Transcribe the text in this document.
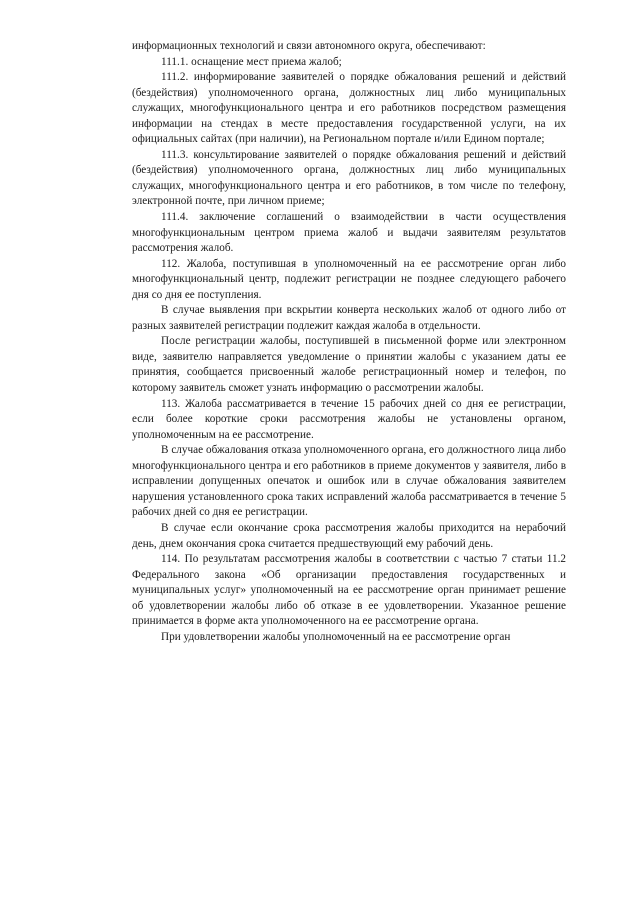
информационных технологий и связи автономного округа, обеспечивают:

111.1. оснащение мест приема жалоб;

111.2. информирование заявителей о порядке обжалования решений и действий (бездействия) уполномоченного органа, должностных лиц либо муниципальных служащих, многофункционального центра и его работников посредством размещения информации на стендах в месте предоставления государственной услуги, на их официальных сайтах (при наличии), на Региональном портале и/или Едином портале;

111.3. консультирование заявителей о порядке обжалования решений и действий (бездействия) уполномоченного органа, должностных лиц либо муниципальных служащих, многофункционального центра и его работников, в том числе по телефону, электронной почте, при личном приеме;

111.4. заключение соглашений о взаимодействии в части осуществления многофункциональным центром приема жалоб и выдачи заявителям результатов рассмотрения жалоб.

112. Жалоба, поступившая в уполномоченный на ее рассмотрение орган либо многофункциональный центр, подлежит регистрации не позднее следующего рабочего дня со дня ее поступления.

В случае выявления при вскрытии конверта нескольких жалоб от одного либо от разных заявителей регистрации подлежит каждая жалоба в отдельности.

После регистрации жалобы, поступившей в письменной форме или электронном виде, заявителю направляется уведомление о принятии жалобы с указанием даты ее принятия, сообщается присвоенный жалобе регистрационный номер и телефон, по которому заявитель сможет узнать информацию о рассмотрении жалобы.

113. Жалоба рассматривается в течение 15 рабочих дней со дня ее регистрации, если более короткие сроки рассмотрения жалобы не установлены органом, уполномоченным на ее рассмотрение.

В случае обжалования отказа уполномоченного органа, его должностного лица либо многофункционального центра и его работников в приеме документов у заявителя, либо в исправлении допущенных опечаток и ошибок или в случае обжалования заявителем нарушения установленного срока таких исправлений жалоба рассматривается в течение 5 рабочих дней со дня ее регистрации.

В случае если окончание срока рассмотрения жалобы приходится на нерабочий день, днем окончания срока считается предшествующий ему рабочий день.

114. По результатам рассмотрения жалобы в соответствии с частью 7 статьи 11.2 Федерального закона «Об организации предоставления государственных и муниципальных услуг» уполномоченный на ее рассмотрение орган принимает решение об удовлетворении жалобы либо об отказе в ее удовлетворении. Указанное решение принимается в форме акта уполномоченного на ее рассмотрение органа.

При удовлетворении жалобы уполномоченный на ее рассмотрение орган
